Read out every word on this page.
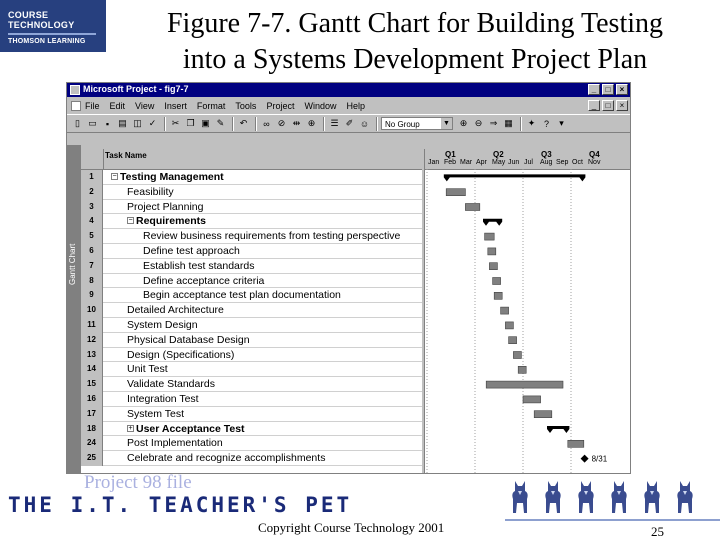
COURSE
TECHNOLOGY
THOMSON LEARNING
Figure 7-7. Gantt Chart for Building Testing
into a Systems Development Project Plan
Microsoft Project - fig7-7	_	□	×
File Edit View Insert Format Tools Project Window Help	_	□	×
▯ ▭	▪	▤ ◫ ✓	✂ ❐ ▣ ✎	↶	∞ ⊘ ⇹ ⊕	☰ ✐ ☺	No Group	▼	⊕ ⊖ ⇒ ▦	✦ ?	▾
Gantt Chart
Task Name
1	− Testing Management
2	Feasibility
3	Project Planning
4	− Requirements
5	Review business requirements from testing perspective
6	Define test approach
7	Establish test standards
8	Define acceptance criteria
9	Begin acceptance test plan documentation
10	Detailed Architecture
11	System Design
12	Physical Database Design
13	Design (Specifications)
14	Unit Test
15	Validate Standards
16	Integration Test
17	System Test
18	+ User Acceptance Test
24	Post Implementation
25	Celebrate and recognize accomplishments
Q1	Q2	Q3	Q4
Jan Feb Mar Apr May Jun Jul Aug Sep Oct Nov
8/31
Project 98 file
THE I.T. TEACHER'S PET
Copyright Course Technology 2001	25
